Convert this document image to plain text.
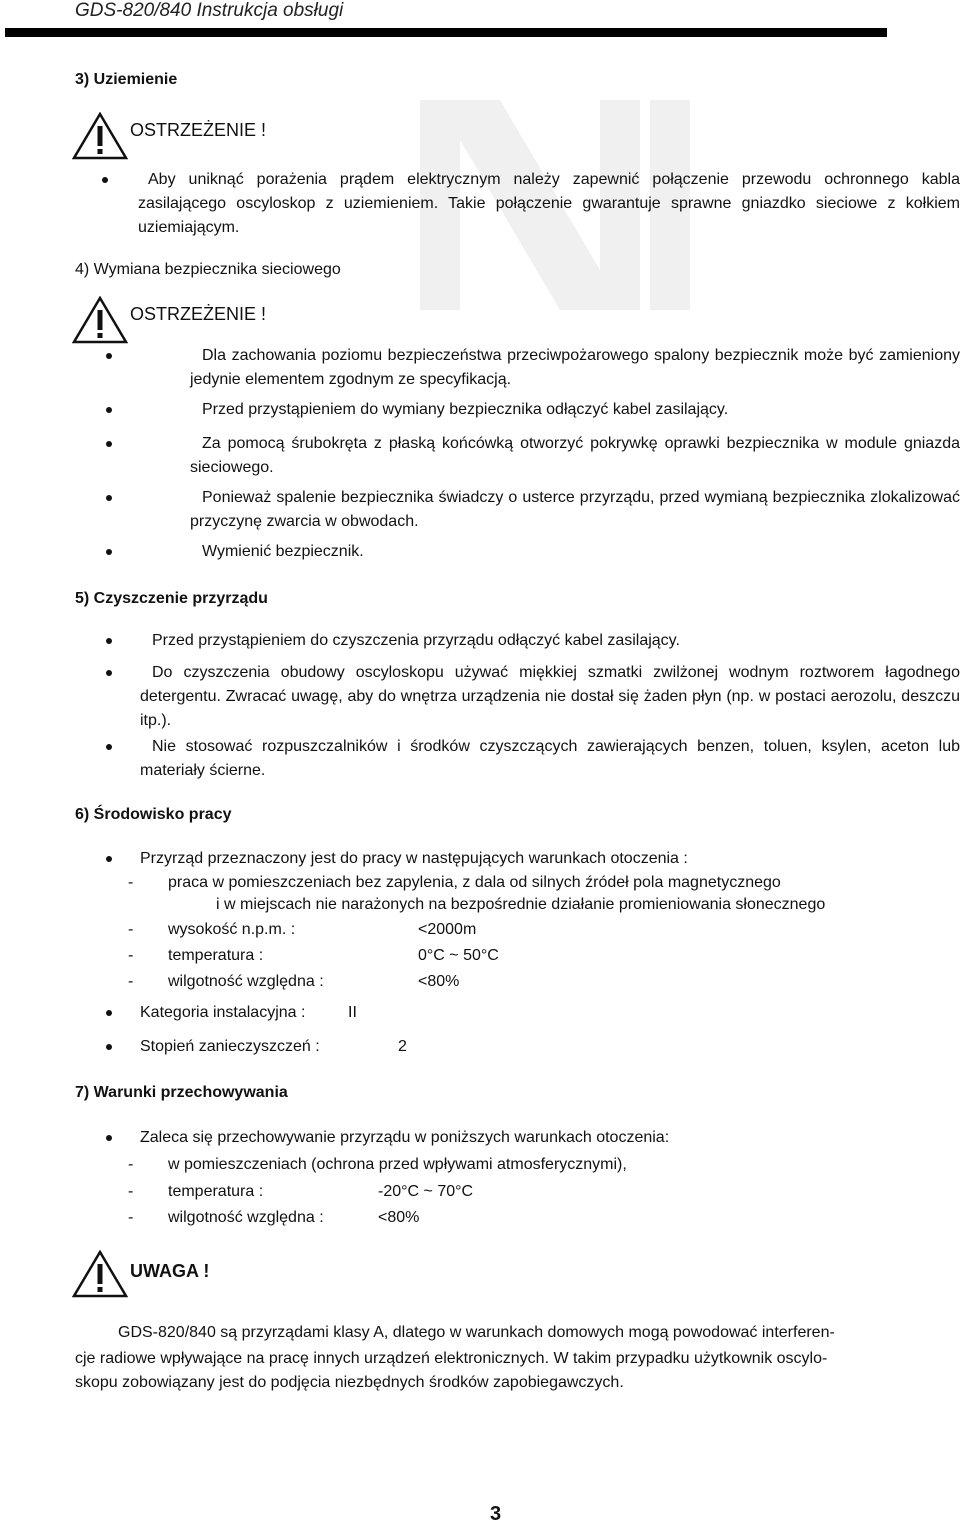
GDS-820/840 Instrukcja obsługi
3) Uziemienie
OSTRZEŻENIE !
Aby uniknąć porażenia prądem elektrycznym należy zapewnić połączenie przewodu ochronnego kabla zasilającego oscyloskop z uziemieniem. Takie połączenie gwarantuje sprawne gniazdko sieciowe z kołkiem uziemiającym.
4) Wymiana bezpiecznika sieciowego
OSTRZEŻENIE !
Dla zachowania poziomu bezpieczeństwa przeciwpożarowego spalony bezpiecznik może być zamieniony jedynie elementem zgodnym ze specyfikacją.
Przed przystąpieniem do wymiany bezpiecznika odłączyć kabel zasilający.
Za pomocą śrubokręta z płaską końcówką otworzyć pokrywkę oprawki bezpiecznika w module gniazda sieciowego.
Ponieważ spalenie bezpiecznika świadczy o usterce przyrządu, przed wymianą bezpiecznika zlokalizować przyczynę zwarcia w obwodach.
Wymienić bezpiecznik.
5) Czyszczenie przyrządu
Przed przystąpieniem do czyszczenia przyrządu odłączyć kabel zasilający.
Do czyszczenia obudowy oscyloskopu używać miękkiej szmatki zwilżonej wodnym roztworem łagodnego detergentu. Zwracać uwagę, aby do wnętrza urządzenia nie dostał się żaden płyn (np. w postaci aerozolu, deszczu itp.).
Nie stosować rozpuszczalników i środków czyszczących zawierających benzen, toluen, ksylen, aceton lub materiały ścierne.
6) Środowisko pracy
Przyrząd przeznaczony jest do pracy w następujących warunkach otoczenia :
- praca w pomieszczeniach bez zapylenia, z dala od silnych źródeł pola magnetycznego
i w miejscach nie narażonych na bezpośrednie działanie promieniowania słonecznego
- wysokość n.p.m. :	<2000m
- temperatura :	0°C ~ 50°C
- wilgotność względna :	<80%
Kategoria instalacyjna :	II
Stopień zanieczyszczeń :	2
7) Warunki przechowywania
Zaleca się przechowywanie przyrządu w poniższych warunkach otoczenia:
- w pomieszczeniach (ochrona przed wpływami atmosferycznymi),
- temperatura :	-20°C ~ 70°C
- wilgotność względna :	<80%
UWAGA !
GDS-820/840 są przyrządami klasy A, dlatego w warunkach domowych mogą powodować interferen-
cje radiowe wpływające na pracę innych urządzeń elektronicznych. W takim przypadku użytkownik oscylo-
skopu zobowiązany jest do podjęcia niezbędnych środków zapobiegawczych.
3
